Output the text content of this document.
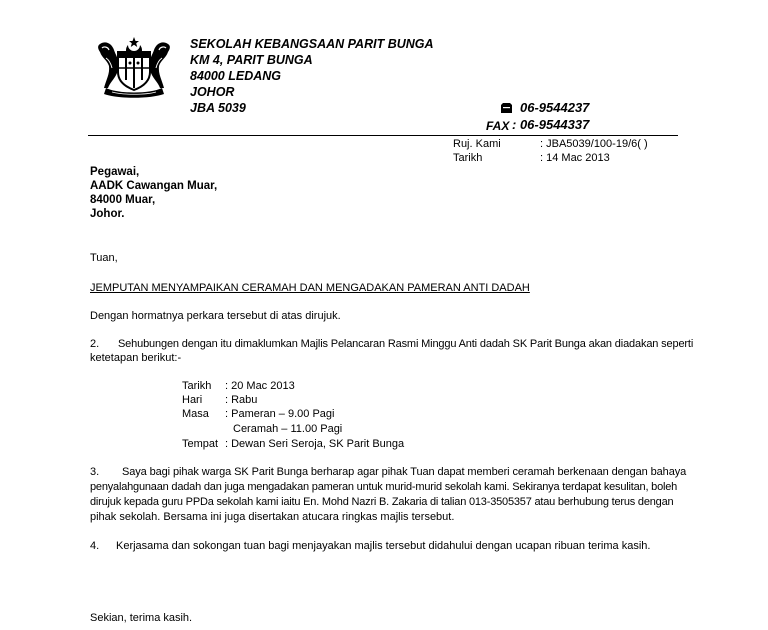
SEKOLAH KEBANGSAAN PARIT BUNGA
KM 4, PARIT BUNGA
84000 LEDANG
JOHOR
JBA 5039	06-9544237
FAX : 06-9544337
Ruj. Kami	: JBA5039/100-19/6( )
Tarikh	: 14 Mac 2013
Pegawai,
AADK Cawangan Muar,
84000 Muar,
Johor.
Tuan,
JEMPUTAN MENYAMPAIKAN CERAMAH DAN MENGADAKAN PAMERAN ANTI DADAH
Dengan hormatnya perkara tersebut di atas dirujuk.
2. Sehubungen dengan itu dimaklumkan Majlis Pelancaran Rasmi Minggu Anti dadah SK Parit Bunga akan diadakan seperti
ketetapan berikut:-
Tarikh : 20 Mac 2013
Hari : Rabu
Masa : Pameran – 9.00 Pagi
Ceramah – 11.00 Pagi
Tempat : Dewan Seri Seroja, SK Parit Bunga
3. Saya bagi pihak warga SK Parit Bunga berharap agar pihak Tuan dapat memberi ceramah berkenaan dengan bahaya
penyalahgunaan dadah dan juga mengadakan pameran untuk murid-murid sekolah kami. Sekiranya terdapat kesulitan, boleh
dirujuk kepada guru PPDa sekolah kami iaitu En. Mohd Nazri B. Zakaria di talian 013-3505357 atau berhubung terus dengan
pihak sekolah. Bersama ini juga disertakan atucara ringkas majlis tersebut.
4. Kerjasama dan sokongan tuan bagi menjayakan majlis tersebut didahului dengan ucapan ribuan terima kasih.
Sekian, terima kasih.
